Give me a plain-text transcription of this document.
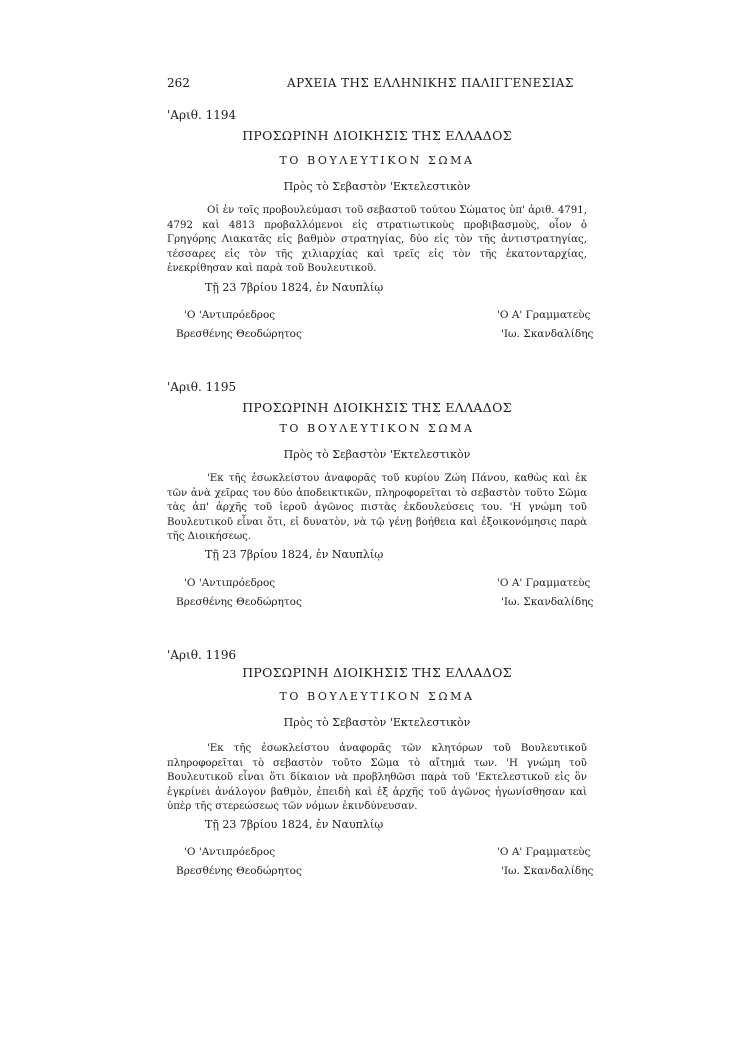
262	ΑΡΧΕΙΑ ΤΗΣ ΕΛΛΗΝΙΚΗΣ ΠΑΛΙΓΓΕΝΕΣΙΑΣ
'Αριθ. 1194
ΠΡΟΣΩΡΙΝΗ ΔΙΟΙΚΗΣΙΣ ΤΗΣ ΕΛΛΑΔΟΣ
ΤΟ ΒΟΥΛΕΥΤΙΚΟΝ ΣΩΜΑ
Πρὸς τὸ Σεβαστὸν 'Εκτελεστικὸν

Οἱ ἐν τοῖς προβουλεύμασι τοῦ σεβαστοῦ τούτου Σώματος ὑπ' ἀριθ. 4791, 4792 καὶ 4813 προβαλλόμενοι εἰς στρατιωτικοὺς προβιβασμοὺς, οἷον ὁ Γρηγόρης Λιακατᾶς εἰς βαθμὸν στρατηγίας, δύο εἰς τὸν τῆς ἀντιστρατηγίας, τέσσαρες εἰς τὸν τῆς χιλιαρχίας καὶ τρεῖς εἰς τὸν τῆς ἑκατονταρχίας, ἐνεκρίθησαν καὶ παρὰ τοῦ Βουλευτικοῦ.

Τῇ 23 7βρίου 1824, ἐν Ναυπλίῳ
'Ο 'Αντιπρόεδρος
Βρεσθένης Θεοδώρητος
'Ο Α' Γραμματεὺς
'Ιω. Σκανδαλίδης
'Αριθ. 1195
ΠΡΟΣΩΡΙΝΗ ΔΙΟΙΚΗΣΙΣ ΤΗΣ ΕΛΛΑΔΟΣ
ΤΟ ΒΟΥΛΕΥΤΙΚΟΝ ΣΩΜΑ
Πρὸς τὸ Σεβαστὸν 'Εκτελεστικὸν

'Εκ τῆς ἐσωκλείστου ἀναφορᾶς τοῦ κυρίου Ζώη Πάνου, καθὼς καὶ ἐκ τῶν ἀνὰ χεῖρας του δύο ἀποδεικτικῶν, πληροφορεῖται τὸ σεβαστὸν τοῦτο Σῶμα τὰς ἀπ' ἀρχῆς τοῦ ἱεροῦ ἀγῶνος πιστὰς ἐκδουλεύσεις του. 'Η γνώμη τοῦ Βουλευτικοῦ εἶναι ὅτι, εἰ δυνατὸν, νὰ τῷ γένῃ βοήθεια καὶ ἐξοικονόμησις παρὰ τῆς Διοικήσεως.

Τῇ 23 7βρίου 1824, ἐν Ναυπλίῳ
'Ο 'Αντιπρόεδρος
Βρεσθένης Θεοδώρητος
'Ο Α' Γραμματεὺς
'Ιω. Σκανδαλίδης
'Αριθ. 1196
ΠΡΟΣΩΡΙΝΗ ΔΙΟΙΚΗΣΙΣ ΤΗΣ ΕΛΛΑΔΟΣ
ΤΟ ΒΟΥΛΕΥΤΙΚΟΝ ΣΩΜΑ
Πρὸς τὸ Σεβαστὸν 'Εκτελεστικὸν

'Εκ τῆς ἐσωκλείστου ἀναφορᾶς τῶν κλητόρων τοῦ Βουλευτικοῦ πληροφορεῖται τὸ σεβαστὸν τοῦτο Σῶμα τὸ αἴτημά των. 'Η γνώμη τοῦ Βουλευτικοῦ εἶναι ὅτι δίκαιον νὰ προβληθῶσι παρὰ τοῦ 'Εκτελεστικοῦ εἰς ὃν ἐγκρίνει ἀνάλογον βαθμὸν, ἐπειδὴ καὶ ἐξ ἀρχῆς τοῦ ἀγῶνος ἠγωνίσθησαν καὶ ὑπὲρ τῆς στερεώσεως τῶν νόμων ἐκινδύνευσαν.

Τῇ 23 7βρίου 1824, ἐν Ναυπλίῳ
'Ο 'Αντιπρόεδρος
Βρεσθένης Θεοδώρητος
'Ο Α' Γραμματεὺς
'Ιω. Σκανδαλίδης
